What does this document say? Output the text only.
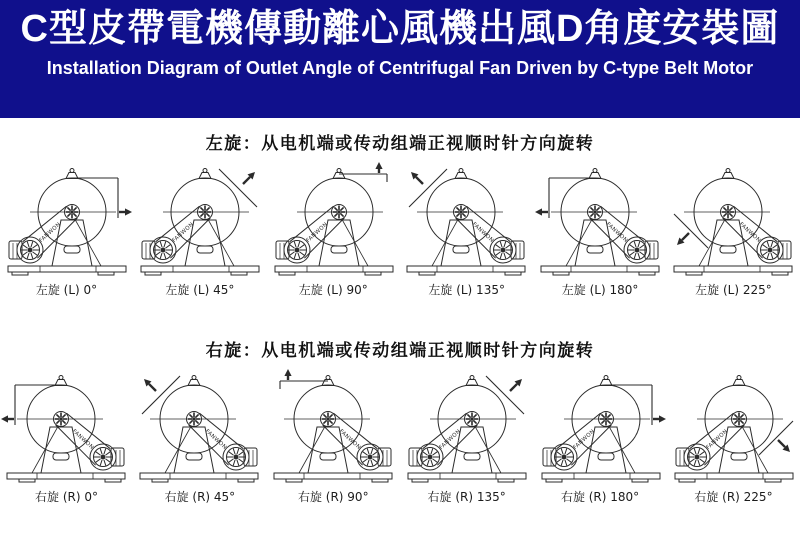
C型皮帶電機傳動離心風機出風D角度安裝圖
Installation Diagram of Outlet Angle of Centrifugal Fan Driven by C-type Belt Motor
左旋：从电机端或传动组端正视顺时针方向旋转
FANWON
左旋 (L) 0°
FANWON
左旋 (L) 45°
FANWON
左旋 (L) 90°
FANWON
左旋 (L) 135°
FANWON
左旋 (L) 180°
FANWON
左旋 (L) 225°
右旋：从电机端或传动组端正视顺时针方向旋转
FANWON
右旋 (R) 0°
FANWON
右旋 (R) 45°
FANWON
右旋 (R) 90°
FANWON
右旋 (R) 135°
FANWON
右旋 (R) 180°
FANWON
右旋 (R) 225°
